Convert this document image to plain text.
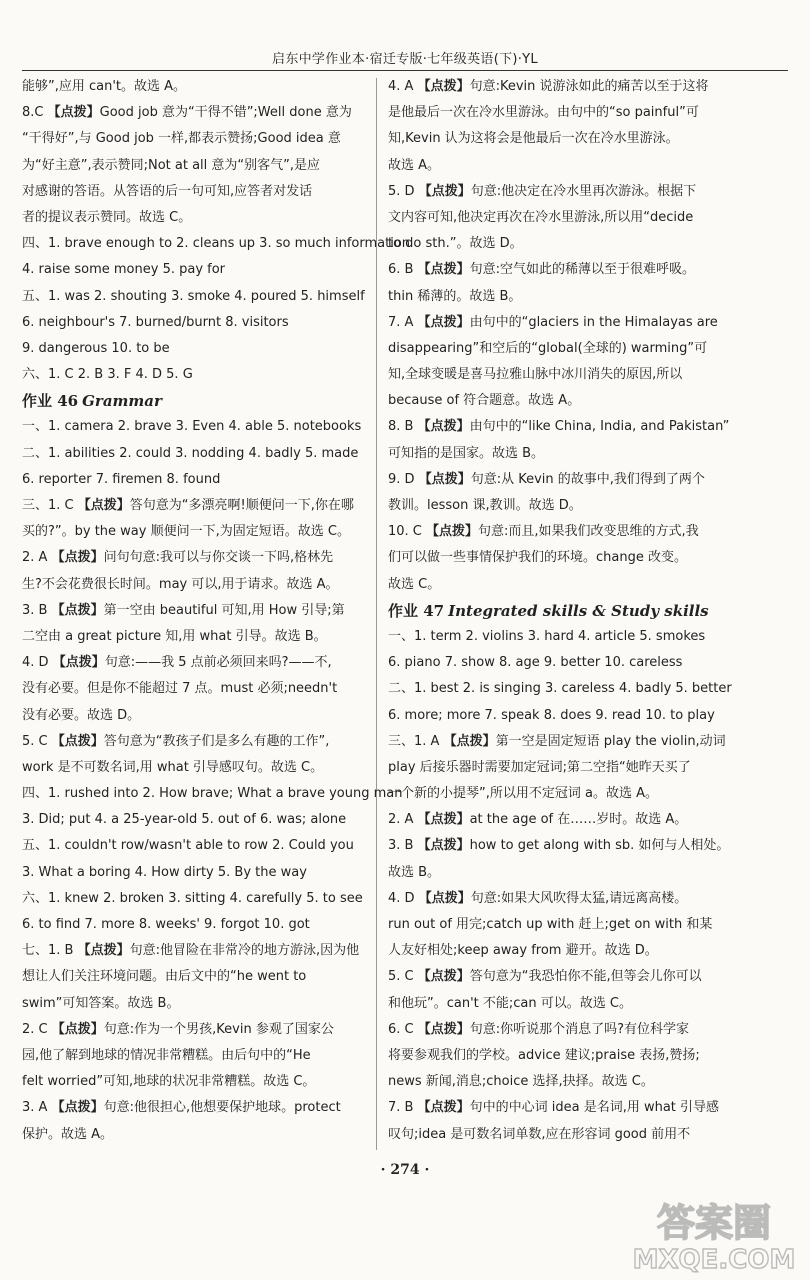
启东中学作业本·宿迁专版·七年级英语(下)·YL
能够”,应用 can't。故选 A。
8.C 【点拨】Good job 意为“干得不错”;Well done 意为
“干得好”,与 Good job 一样,都表示赞扬;Good idea 意
为“好主意”,表示赞同;Not at all 意为“别客气”,是应
对感谢的答语。从答语的后一句可知,应答者对发话
者的提议表示赞同。故选 C。
四、1. brave enough to 2. cleans up 3. so much information
4. raise some money 5. pay for
五、1. was 2. shouting 3. smoke 4. poured 5. himself
6. neighbour's 7. burned/burnt 8. visitors
9. dangerous 10. to be
六、1. C 2. B 3. F 4. D 5. G
作业 46 Grammar
一、1. camera 2. brave 3. Even 4. able 5. notebooks
二、1. abilities 2. could 3. nodding 4. badly 5. made
6. reporter 7. firemen 8. found
三、1. C 【点拨】答句意为“多漂亮啊!顺便问一下,你在哪
买的?”。by the way 顺便问一下,为固定短语。故选 C。
2. A 【点拨】问句句意:我可以与你交谈一下吗,格林先
生?不会花费很长时间。may 可以,用于请求。故选 A。
3. B 【点拨】第一空由 beautiful 可知,用 How 引导;第
二空由 a great picture 知,用 what 引导。故选 B。
4. D 【点拨】句意:——我 5 点前必须回来吗?——不,
没有必要。但是你不能超过 7 点。must 必须;needn't
没有必要。故选 D。
5. C 【点拨】答句意为“教孩子们是多么有趣的工作”,
work 是不可数名词,用 what 引导感叹句。故选 C。
四、1. rushed into 2. How brave; What a brave young man
3. Did; put 4. a 25-year-old 5. out of 6. was; alone
五、1. couldn't row/wasn't able to row 2. Could you
3. What a boring 4. How dirty 5. By the way
六、1. knew 2. broken 3. sitting 4. carefully 5. to see
6. to find 7. more 8. weeks' 9. forgot 10. got
七、1. B 【点拨】句意:他冒险在非常冷的地方游泳,因为他
想让人们关注环境问题。由后文中的“he went to
swim”可知答案。故选 B。
2. C 【点拨】句意:作为一个男孩,Kevin 参观了国家公
园,他了解到地球的情况非常糟糕。由后句中的“He
felt worried”可知,地球的状况非常糟糕。故选 C。
3. A 【点拨】句意:他很担心,他想要保护地球。protect
保护。故选 A。
4. A 【点拨】句意:Kevin 说游泳如此的痛苦以至于这将
是他最后一次在冷水里游泳。由句中的“so painful”可
知,Kevin 认为这将会是他最后一次在冷水里游泳。
故选 A。
5. D 【点拨】句意:他决定在冷水里再次游泳。根据下
文内容可知,他决定再次在冷水里游泳,所以用“decide
to do sth.”。故选 D。
6. B 【点拨】句意:空气如此的稀薄以至于很难呼吸。
thin 稀薄的。故选 B。
7. A 【点拨】由句中的“glaciers in the Himalayas are
disappearing”和空后的“global(全球的) warming”可
知,全球变暖是喜马拉雅山脉中冰川消失的原因,所以
because of 符合题意。故选 A。
8. B 【点拨】由句中的“like China, India, and Pakistan”
可知指的是国家。故选 B。
9. D 【点拨】句意:从 Kevin 的故事中,我们得到了两个
教训。lesson 课,教训。故选 D。
10. C 【点拨】句意:而且,如果我们改变思维的方式,我
们可以做一些事情保护我们的环境。change 改变。
故选 C。
作业 47 Integrated skills & Study skills
一、1. term 2. violins 3. hard 4. article 5. smokes
6. piano 7. show 8. age 9. better 10. careless
二、1. best 2. is singing 3. careless 4. badly 5. better
6. more; more 7. speak 8. does 9. read 10. to play
三、1. A 【点拨】第一空是固定短语 play the violin,动词
play 后接乐器时需要加定冠词;第二空指“她昨天买了
一个新的小提琴”,所以用不定冠词 a。故选 A。
2. A 【点拨】at the age of 在……岁时。故选 A。
3. B 【点拨】how to get along with sb. 如何与人相处。
故选 B。
4. D 【点拨】句意:如果大风吹得太猛,请远离高楼。
run out of 用完;catch up with 赶上;get on with 和某
人友好相处;keep away from 避开。故选 D。
5. C 【点拨】答句意为“我恐怕你不能,但等会儿你可以
和他玩”。can't 不能;can 可以。故选 C。
6. C 【点拨】句意:你听说那个消息了吗?有位科学家
将要参观我们的学校。advice 建议;praise 表扬,赞扬;
news 新闻,消息;choice 选择,抉择。故选 C。
7. B 【点拨】句中的中心词 idea 是名词,用 what 引导感
叹句;idea 是可数名词单数,应在形容词 good 前用不
· 274 ·
答案圈
MXQE.COM
